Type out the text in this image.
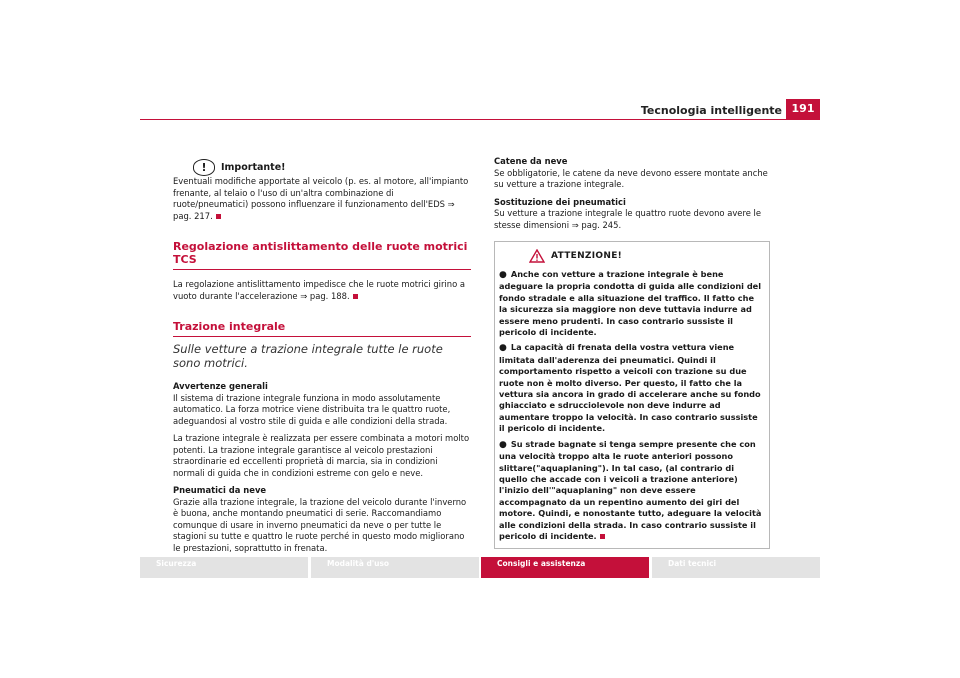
Tecnologia intelligente 191
!	Importante!

Eventuali modifiche apportate al veicolo (p. es. al motore, all'impianto frenante, al telaio o l'uso di un'altra combinazione di ruote/pneumatici) possono influenzare il funzionamento dell'EDS ⇒ pag. 217.

Regolazione antislittamento delle ruote motrici TCS

La regolazione antislittamento impedisce che le ruote motrici girino a vuoto durante l'accelerazione ⇒ pag. 188.

Trazione integrale
Sulle vetture a trazione integrale tutte le ruote sono motrici.

Avvertenze generali

Il sistema di trazione integrale funziona in modo assolutamente automatico. La forza motrice viene distribuita tra le quattro ruote, adeguandosi al vostro stile di guida e alle condizioni della strada.

La trazione integrale è realizzata per essere combinata a motori molto potenti. La trazione integrale garantisce al veicolo prestazioni straordinarie ed eccellenti proprietà di marcia, sia in condizioni normali di guida che in condizioni estreme con gelo e neve.

Pneumatici da neve

Grazie alla trazione integrale, la trazione del veicolo durante l'inverno è buona, anche montando pneumatici di serie. Raccomandiamo comunque di usare in inverno pneumatici da neve o per tutte le stagioni su tutte e quattro le ruote perché in questo modo migliorano le prestazioni, soprattutto in frenata.

Catene da neve

Se obbligatorie, le catene da neve devono essere montate anche su vetture a trazione integrale.

Sostituzione dei pneumatici

Su vetture a trazione integrale le quattro ruote devono avere le stesse dimensioni ⇒ pag. 245.

ATTENZIONE!

● Anche con vetture a trazione integrale è bene adeguare la propria condotta di guida alle condizioni del fondo stradale e alla situazione del traffico. Il fatto che la sicurezza sia maggiore non deve tuttavia indurre ad essere meno prudenti. In caso contrario sussiste il pericolo di incidente.

● La capacità di frenata della vostra vettura viene limitata dall'aderenza dei pneumatici. Quindi il comportamento rispetto a veicoli con trazione su due ruote non è molto diverso. Per questo, il fatto che la vettura sia ancora in grado di accelerare anche su fondo ghiacciato e sdrucciolevole non deve indurre ad aumentare troppo la velocità. In caso contrario sussiste il pericolo di incidente.

● Su strade bagnate si tenga sempre presente che con una velocità troppo alta le ruote anteriori possono slittare("aquaplaning"). In tal caso, (al contrario di quello che accade con i veicoli a trazione anteriore) l'inizio dell'"aquaplaning" non deve essere accompagnato da un repentino aumento dei giri del motore. Quindi, e nonostante tutto, adeguare la velocità alle condizioni della strada. In caso contrario sussiste il pericolo di incidente.

Sicurezza	Modalità d'uso	Consigli e assistenza	Dati tecnici
